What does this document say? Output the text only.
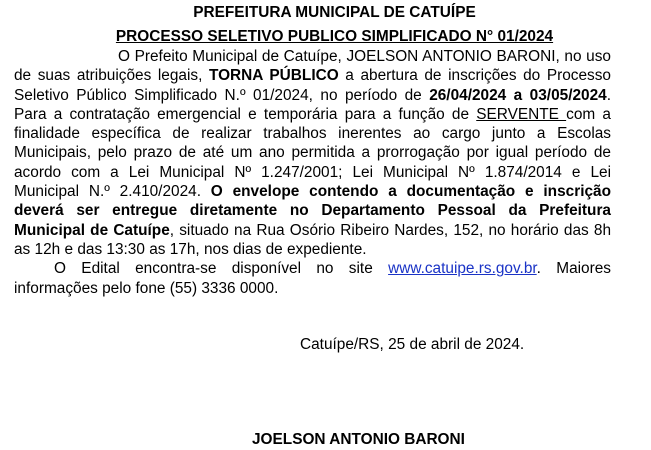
PREFEITURA MUNICIPAL DE CATUÍPE

PROCESSO SELETIVO PUBLICO SIMPLIFICADO N° 01/2024

O Prefeito Municipal de Catuípe, JOELSON ANTONIO BARONI, no uso de suas atribuições legais, TORNA PÚBLICO a abertura de inscrições do Processo Seletivo Público Simplificado N.º 01/2024, no período de 26/04/2024 a 03/05/2024. Para a contratação emergencial e temporária para a função de SERVENTE com a finalidade específica de realizar trabalhos inerentes ao cargo junto a Escolas Municipais, pelo prazo de até um ano permitida a prorrogação por igual período de acordo com a Lei Municipal Nº 1.247/2001; Lei Municipal Nº 1.874/2014 e Lei Municipal N.º 2.410/2024. O envelope contendo a documentação e inscrição deverá ser entregue diretamente no Departamento Pessoal da Prefeitura Municipal de Catuípe, situado na Rua Osório Ribeiro Nardes, 152, no horário das 8h as 12h e das 13:30 as 17h, nos dias de expediente.

O Edital encontra-se disponível no site www.catuipe.rs.gov.br. Maiores informações pelo fone (55) 3336 0000.

Catuípe/RS, 25 de abril de 2024.
JOELSON ANTONIO BARONI
